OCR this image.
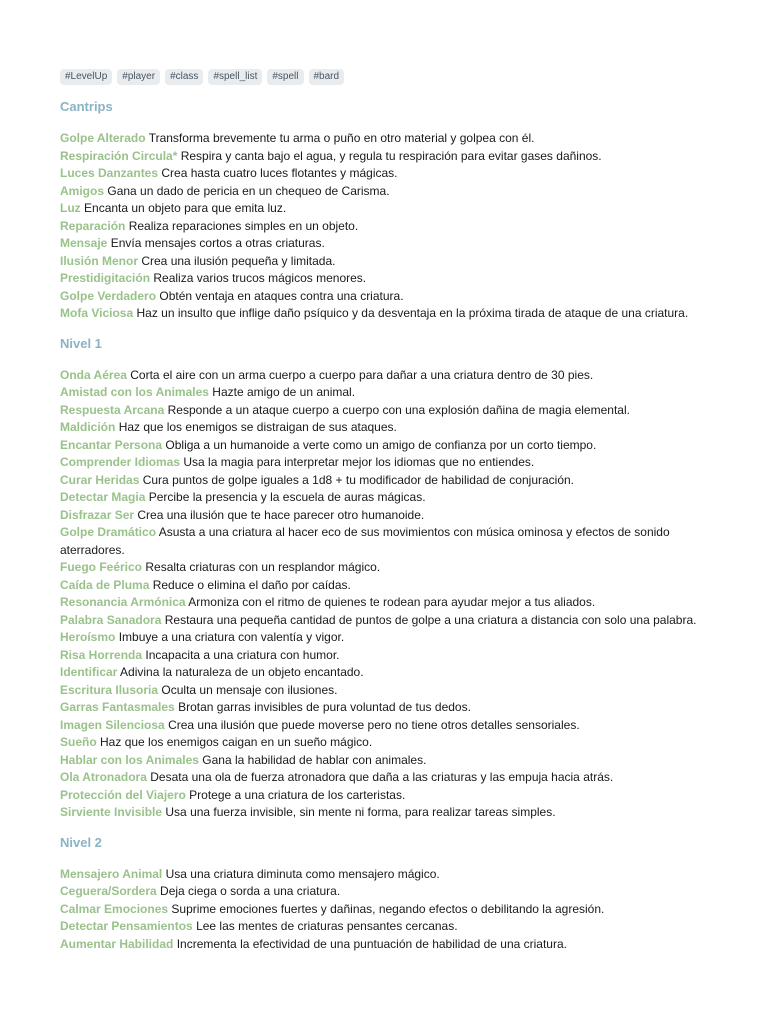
#LevelUp	#player	#class	#spell_list	#spell	#bard
Cantrips
Golpe Alterado Transforma brevemente tu arma o puño en otro material y golpea con él.
Respiración Circula* Respira y canta bajo el agua, y regula tu respiración para evitar gases dañinos.
Luces Danzantes Crea hasta cuatro luces flotantes y mágicas.
Amigos Gana un dado de pericia en un chequeo de Carisma.
Luz Encanta un objeto para que emita luz.
Reparación Realiza reparaciones simples en un objeto.
Mensaje Envía mensajes cortos a otras criaturas.
Ilusión Menor Crea una ilusión pequeña y limitada.
Prestidigitación Realiza varios trucos mágicos menores.
Golpe Verdadero Obtén ventaja en ataques contra una criatura.
Mofa Viciosa Haz un insulto que inflige daño psíquico y da desventaja en la próxima tirada de ataque de una criatura.
Nivel 1
Onda Aérea Corta el aire con un arma cuerpo a cuerpo para dañar a una criatura dentro de 30 pies.
Amistad con los Animales Hazte amigo de un animal.
Respuesta Arcana Responde a un ataque cuerpo a cuerpo con una explosión dañina de magia elemental.
Maldición Haz que los enemigos se distraigan de sus ataques.
Encantar Persona Obliga a un humanoide a verte como un amigo de confianza por un corto tiempo.
Comprender Idiomas Usa la magia para interpretar mejor los idiomas que no entiendes.
Curar Heridas Cura puntos de golpe iguales a 1d8 + tu modificador de habilidad de conjuración.
Detectar Magia Percibe la presencia y la escuela de auras mágicas.
Disfrazar Ser Crea una ilusión que te hace parecer otro humanoide.
Golpe Dramático Asusta a una criatura al hacer eco de sus movimientos con música ominosa y efectos de sonido aterradores.
Fuego Feérico Resalta criaturas con un resplandor mágico.
Caída de Pluma Reduce o elimina el daño por caídas.
Resonancia Armónica Armoniza con el ritmo de quienes te rodean para ayudar mejor a tus aliados.
Palabra Sanadora Restaura una pequeña cantidad de puntos de golpe a una criatura a distancia con solo una palabra.
Heroísmo Imbuye a una criatura con valentía y vigor.
Risa Horrenda Incapacita a una criatura con humor.
Identificar Adivina la naturaleza de un objeto encantado.
Escritura Ilusoria Oculta un mensaje con ilusiones.
Garras Fantasmales Brotan garras invisibles de pura voluntad de tus dedos.
Imagen Silenciosa Crea una ilusión que puede moverse pero no tiene otros detalles sensoriales.
Sueño Haz que los enemigos caigan en un sueño mágico.
Hablar con los Animales Gana la habilidad de hablar con animales.
Ola Atronadora Desata una ola de fuerza atronadora que daña a las criaturas y las empuja hacia atrás.
Protección del Viajero Protege a una criatura de los carteristas.
Sirviente Invisible Usa una fuerza invisible, sin mente ni forma, para realizar tareas simples.
Nivel 2
Mensajero Animal Usa una criatura diminuta como mensajero mágico.
Ceguera/Sordera Deja ciega o sorda a una criatura.
Calmar Emociones Suprime emociones fuertes y dañinas, negando efectos o debilitando la agresión.
Detectar Pensamientos Lee las mentes de criaturas pensantes cercanas.
Aumentar Habilidad Incrementa la efectividad de una puntuación de habilidad de una criatura.
